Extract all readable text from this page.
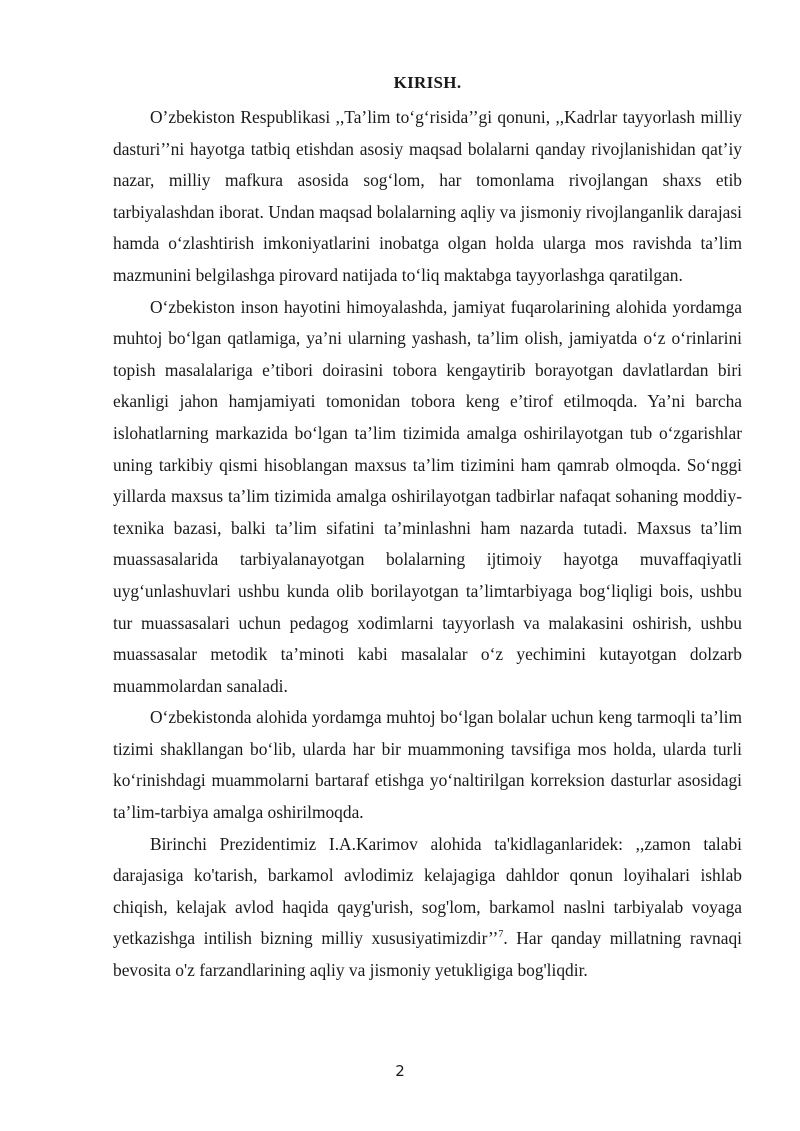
KIRISH.

O’zbekiston Respublikasi ,,Ta’lim to‘g‘risida’’gi qonuni, ,,Kadrlar tayyorlash milliy dasturi’’ni hayotga tatbiq etishdan asosiy maqsad bolalarni qanday rivojlanishidan qat’iy nazar, milliy mafkura asosida sog‘lom, har tomonlama rivojlangan shaxs etib tarbiyalashdan iborat. Undan maqsad bolalarning aqliy va jismoniy rivojlanganlik darajasi hamda o‘zlashtirish imkoniyatlarini inobatga olgan holda ularga mos ravishda ta’lim mazmunini belgilashga pirovard natijada to‘liq maktabga tayyorlashga qaratilgan.

O‘zbekiston inson hayotini himoyalashda, jamiyat fuqarolarining alohida yordamga muhtoj bo‘lgan qatlamiga, ya’ni ularning yashash, ta’lim olish, jamiyatda o‘z o‘rinlarini topish masalalariga e’tibori doirasini tobora kengaytirib borayotgan davlatlardan biri ekanligi jahon hamjamiyati tomonidan tobora keng e’tirof etilmoqda. Ya’ni barcha islohatlarning markazida bo‘lgan ta’lim tizimida amalga oshirilayotgan tub o‘zgarishlar uning tarkibiy qismi hisoblangan maxsus ta’lim tizimini ham qamrab olmoqda. So‘nggi yillarda maxsus ta’lim tizimida amalga oshirilayotgan tadbirlar nafaqat sohaning moddiy-texnika bazasi, balki ta’lim sifatini ta’minlashni ham nazarda tutadi. Maxsus ta’lim muassasalarida tarbiyalanayotgan bolalarning ijtimoiy hayotga muvaffaqiyatli uyg‘unlashuvlari ushbu kunda olib borilayotgan ta’limtarbiyaga bog‘liqligi bois, ushbu tur muassasalari uchun pedagog xodimlarni tayyorlash va malakasini oshirish, ushbu muassasalar metodik ta’minoti kabi masalalar o‘z yechimini kutayotgan dolzarb muammolardan sanaladi.

O‘zbekistonda alohida yordamga muhtoj bo‘lgan bolalar uchun keng tarmoqli ta’lim tizimi shakllangan bo‘lib, ularda har bir muammoning tavsifiga mos holda, ularda turli ko‘rinishdagi muammolarni bartaraf etishga yo‘naltirilgan korreksion dasturlar asosidagi ta’lim-tarbiya amalga oshirilmoqda.

Birinchi Prezidentimiz I.A.Karimov alohida ta'kidlaganlaridek: ,,zamon talabi darajasiga ko'tarish, barkamol avlodimiz kelajagiga dahldor qonun loyihalari ishlab chiqish, kelajak avlod haqida qayg'urish, sog'lom, barkamol naslni tarbiyalab voyaga yetkazishga intilish bizning milliy xususiyatimizdir’’$^7$. Har qanday millatning ravnaqi bevosita o'z farzandlarining aqliy va jismoniy yetukligiga bog'liqdir.

2
